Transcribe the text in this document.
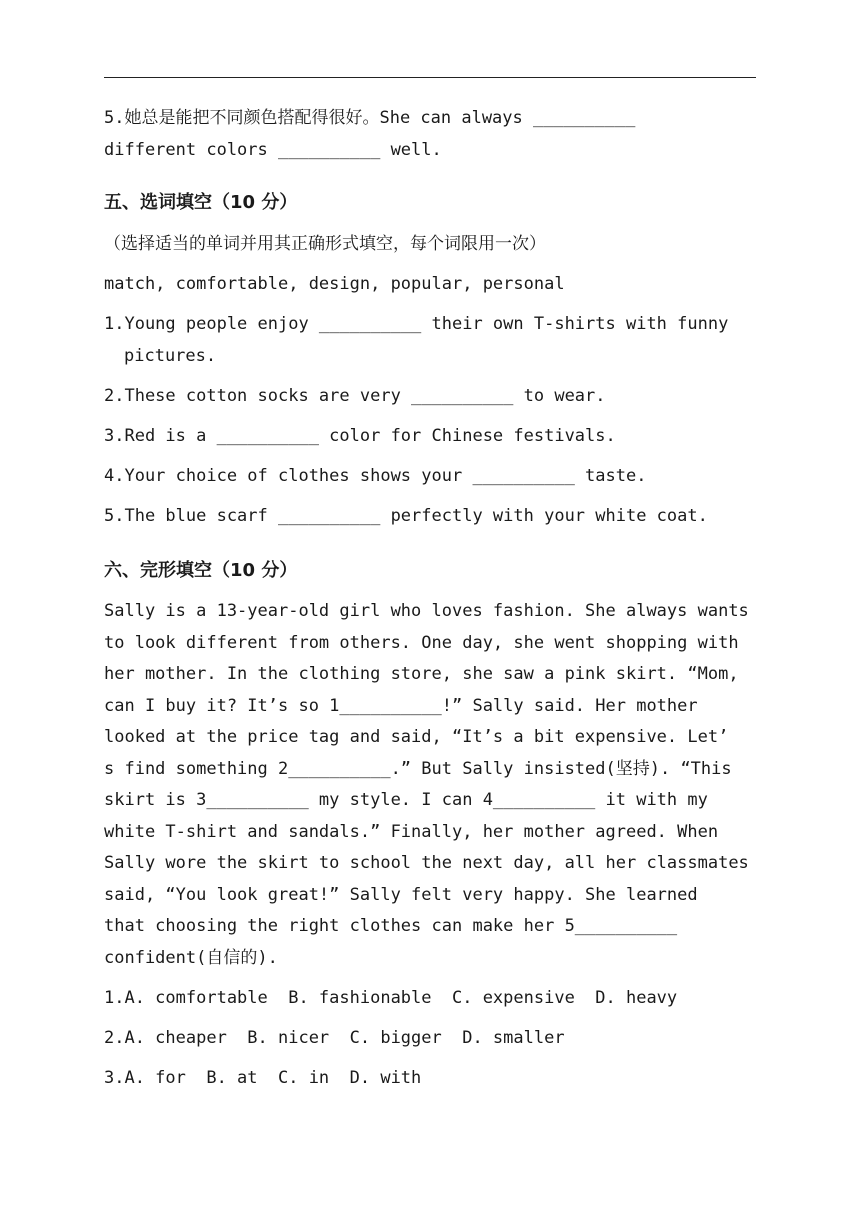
5.她总是能把不同颜色搭配得很好。She can always __________
different colors __________ well.
五、选词填空（10 分）
（选择适当的单词并用其正确形式填空，每个词限用一次）
match, comfortable, design, popular, personal
1.Young people enjoy __________ their own T-shirts with funny
pictures.
2.These cotton socks are very __________ to wear.
3.Red is a __________ color for Chinese festivals.
4.Your choice of clothes shows your __________ taste.
5.The blue scarf __________ perfectly with your white coat.
六、完形填空（10 分）
Sally is a 13-year-old girl who loves fashion. She always wants
to look different from others. One day, she went shopping with
her mother. In the clothing store, she saw a pink skirt. “Mom,
can I buy it? It’s so 1__________!” Sally said. Her mother
looked at the price tag and said, “It’s a bit expensive. Let’
s find something 2__________.” But Sally insisted(坚持). “This
skirt is 3__________ my style. I can 4__________ it with my
white T-shirt and sandals.” Finally, her mother agreed. When
Sally wore the skirt to school the next day, all her classmates
said, “You look great!” Sally felt very happy. She learned
that choosing the right clothes can make her 5__________
confident(自信的).
1.A. comfortable  B. fashionable  C. expensive  D. heavy
2.A. cheaper  B. nicer  C. bigger  D. smaller
3.A. for  B. at  C. in  D. with
